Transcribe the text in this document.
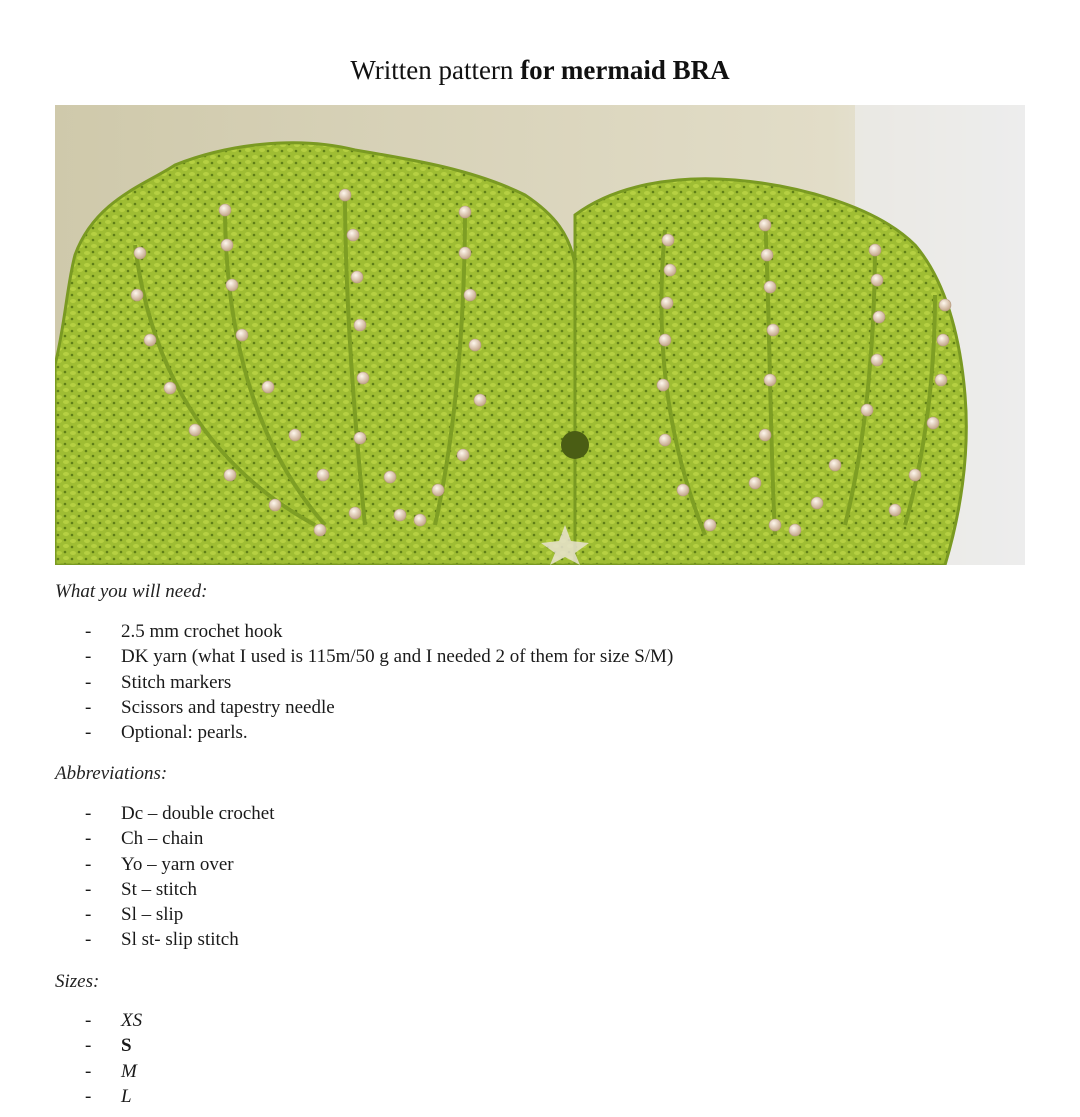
Written pattern for mermaid BRA
What you will need:
- 2.5 mm crochet hook
- DK yarn (what I used is 115m/50 g and I needed 2 of them for size S/M)
- Stitch markers
- Scissors and tapestry needle
- Optional: pearls.
Abbreviations:
- Dc – double crochet
- Ch – chain
- Yo – yarn over
- St – stitch
- Sl – slip
- Sl st- slip stitch
Sizes:
- XS
- S
- M
- L
